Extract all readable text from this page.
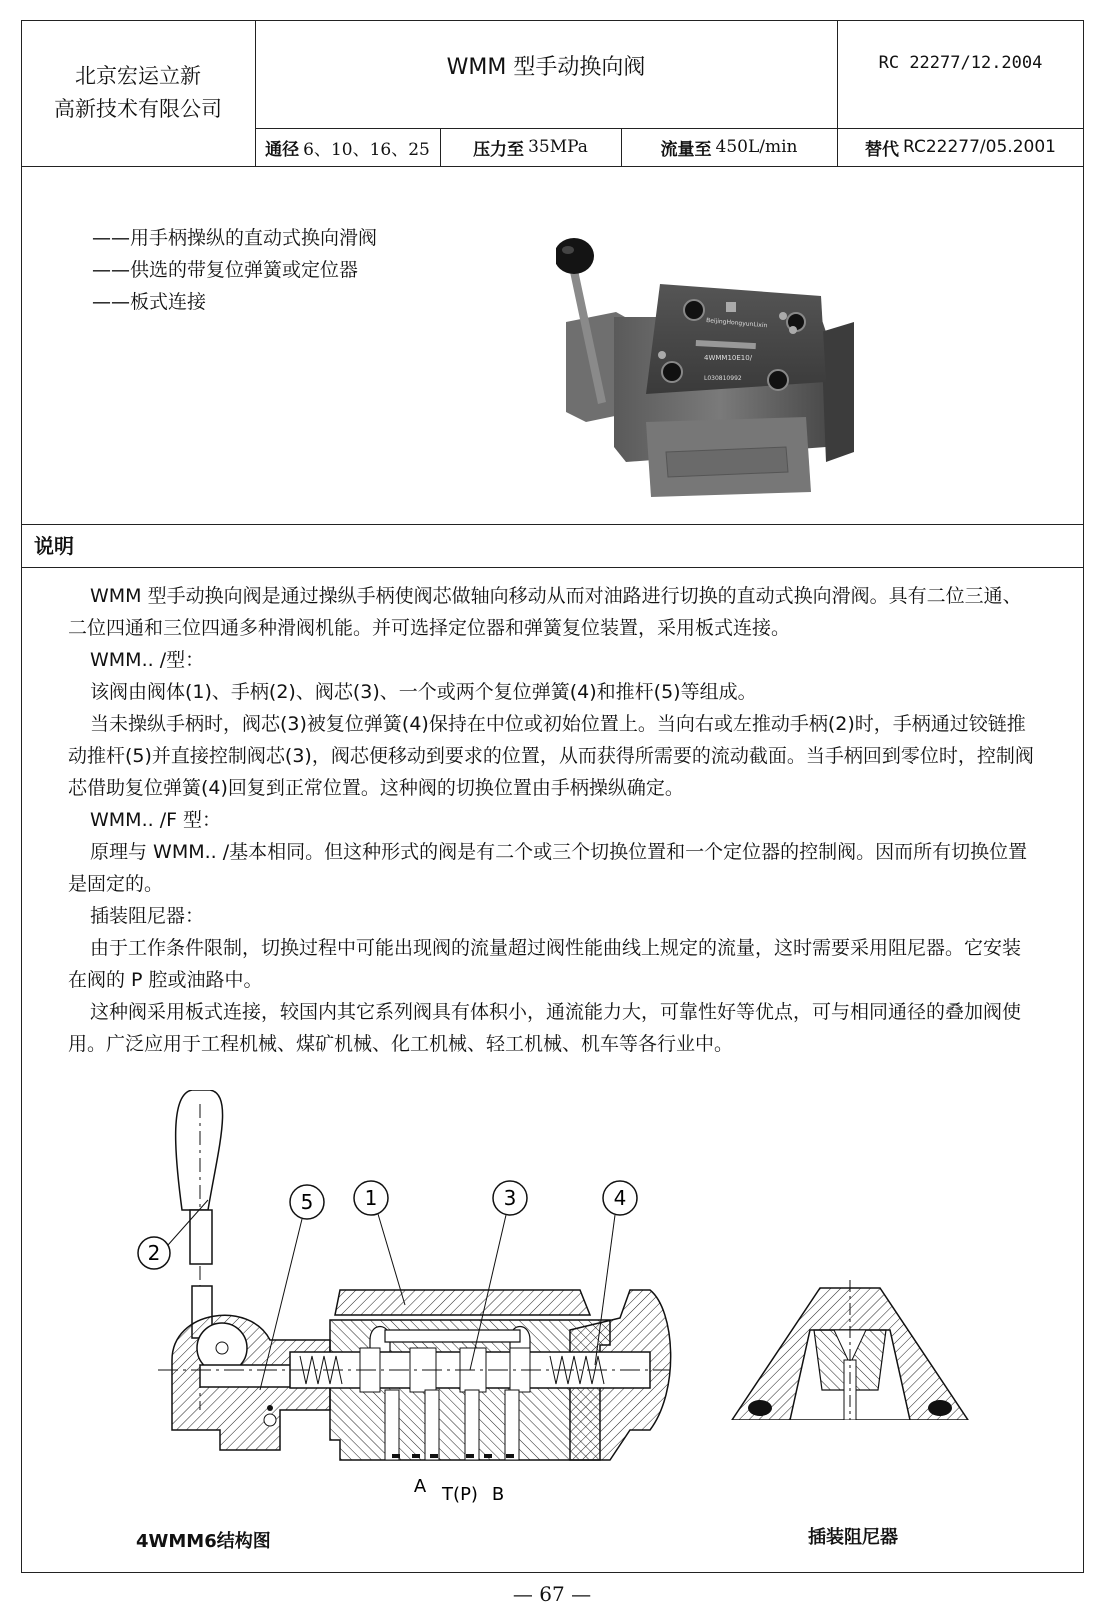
北京宏运立新
高新技术有限公司
WMM 型手动换向阀	RC 22277/12.2004
通径 6、10、16、25	压力至 35MPa	流量至 450L/min	替代 RC22277/05.2001
——用手柄操纵的直动式换向滑阀
——供选的带复位弹簧或定位器
——板式连接
BeijingHongyunLixin
4WMM10E10/
L030810992
说明

WMM 型手动换向阀是通过操纵手柄使阀芯做轴向移动从而对油路进行切换的直动式换向滑阀。具有二位三通、二位四通和三位四通多种滑阀机能。并可选择定位器和弹簧复位装置，采用板式连接。

WMM.. /型：

该阀由阀体(1)、手柄(2)、阀芯(3)、一个或两个复位弹簧(4)和推杆(5)等组成。

当未操纵手柄时，阀芯(3)被复位弹簧(4)保持在中位或初始位置上。当向右或左推动手柄(2)时，手柄通过铰链推动推杆(5)并直接控制阀芯(3)，阀芯便移动到要求的位置，从而获得所需要的流动截面。当手柄回到零位时，控制阀芯借助复位弹簧(4)回复到正常位置。这种阀的切换位置由手柄操纵确定。

WMM.. /F 型：

原理与 WMM.. /基本相同。但这种形式的阀是有二个或三个切换位置和一个定位器的控制阀。因而所有切换位置是固定的。

插装阻尼器：

由于工作条件限制，切换过程中可能出现阀的流量超过阀性能曲线上规定的流量，这时需要采用阻尼器。它安装在阀的 P 腔或油路中。

这种阀采用板式连接，较国内其它系列阀具有体积小，通流能力大，可靠性好等优点，可与相同通径的叠加阀使用。广泛应用于工程机械、煤矿机械、化工机械、轻工机械、机车等各行业中。

2
5	1	3	4
A T(P) B
4WMM6结构图	插装阻尼器
— 67 —
